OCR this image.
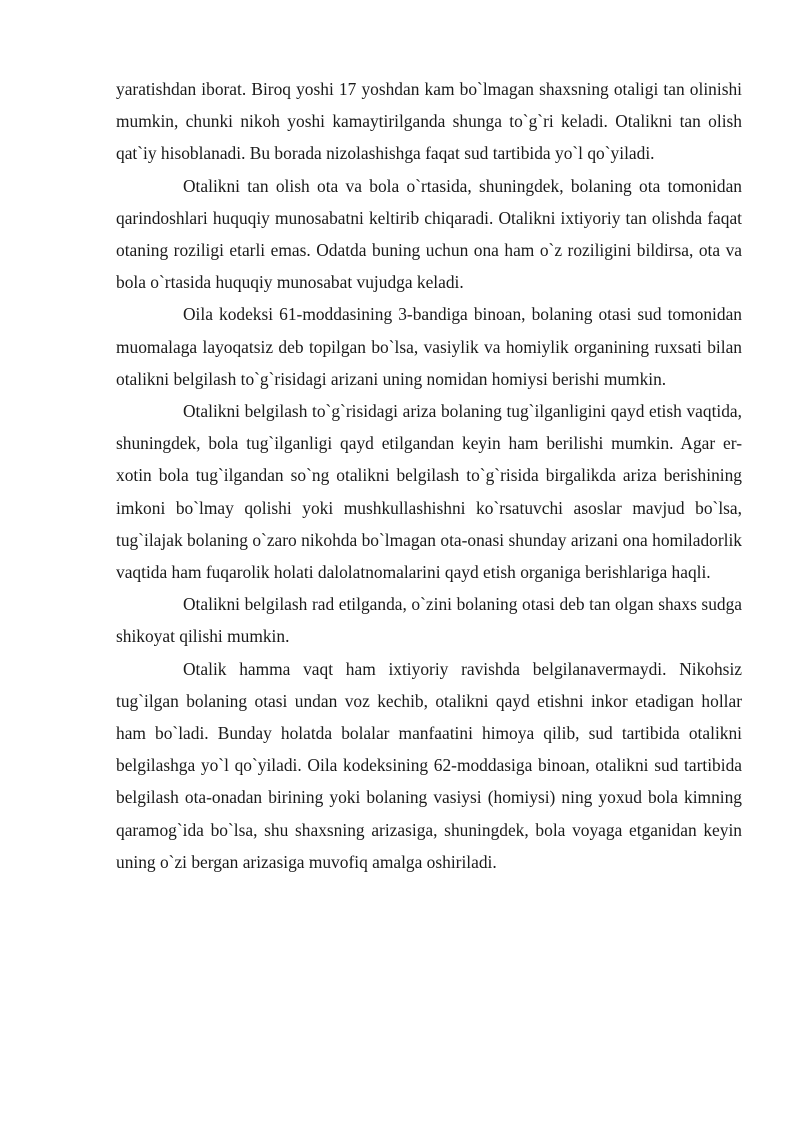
yaratishdan iborat. Biroq yoshi 17 yoshdan kam bo`lmagan shaxsning otaligi tan olinishi mumkin, chunki nikoh yoshi kamaytirilganda shunga to`g`ri keladi. Otalikni tan olish qat`iy hisoblanadi. Bu borada nizolashishga faqat sud tartibida yo`l qo`yiladi.

Otalikni tan olish ota va bola o`rtasida, shuningdek, bolaning ota tomonidan qarindoshlari huquqiy munosabatni keltirib chiqaradi. Otalikni ixtiyoriy tan olishda faqat otaning roziligi etarli emas. Odatda buning uchun ona ham o`z roziligini bildirsa, ota va bola o`rtasida huquqiy munosabat vujudga keladi.

Oila kodeksi 61-moddasining 3-bandiga binoan, bolaning otasi sud tomonidan muomalaga layoqatsiz deb topilgan bo`lsa, vasiylik va homiylik organining ruxsati bilan otalikni belgilash to`g`risidagi arizani uning nomidan homiysi berishi mumkin.

Otalikni belgilash to`g`risidagi ariza bolaning tug`ilganligini qayd etish vaqtida, shuningdek, bola tug`ilganligi qayd etilgandan keyin ham berilishi mumkin. Agar er- xotin bola tug`ilgandan so`ng otalikni belgilash to`g`risida birgalikda ariza berishining imkoni bo`lmay qolishi yoki mushkullashishni ko`rsatuvchi asoslar mavjud bo`lsa, tug`ilajak bolaning o`zaro nikohda bo`lmagan ota-onasi shunday arizani ona homiladorlik vaqtida ham fuqarolik holati dalolatnomalarini qayd etish organiga berishlariga haqli.

Otalikni belgilash rad etilganda, o`zini bolaning otasi deb tan olgan shaxs sudga shikoyat qilishi mumkin.

Otalik hamma vaqt ham ixtiyoriy ravishda belgilanavermaydi. Nikohsiz tug`ilgan bolaning otasi undan voz kechib, otalikni qayd etishni inkor etadigan hollar ham bo`ladi. Bunday holatda bolalar manfaatini himoya qilib, sud tartibida otalikni belgilashga yo`l qo`yiladi. Oila kodeksining 62-moddasiga binoan, otalikni sud tartibida belgilash ota-onadan birining yoki bolaning vasiysi (homiysi) ning yoxud bola kimning qaramog`ida bo`lsa, shu shaxsning arizasiga, shuningdek, bola voyaga etganidan keyin uning o`zi bergan arizasiga muvofiq amalga oshiriladi.
